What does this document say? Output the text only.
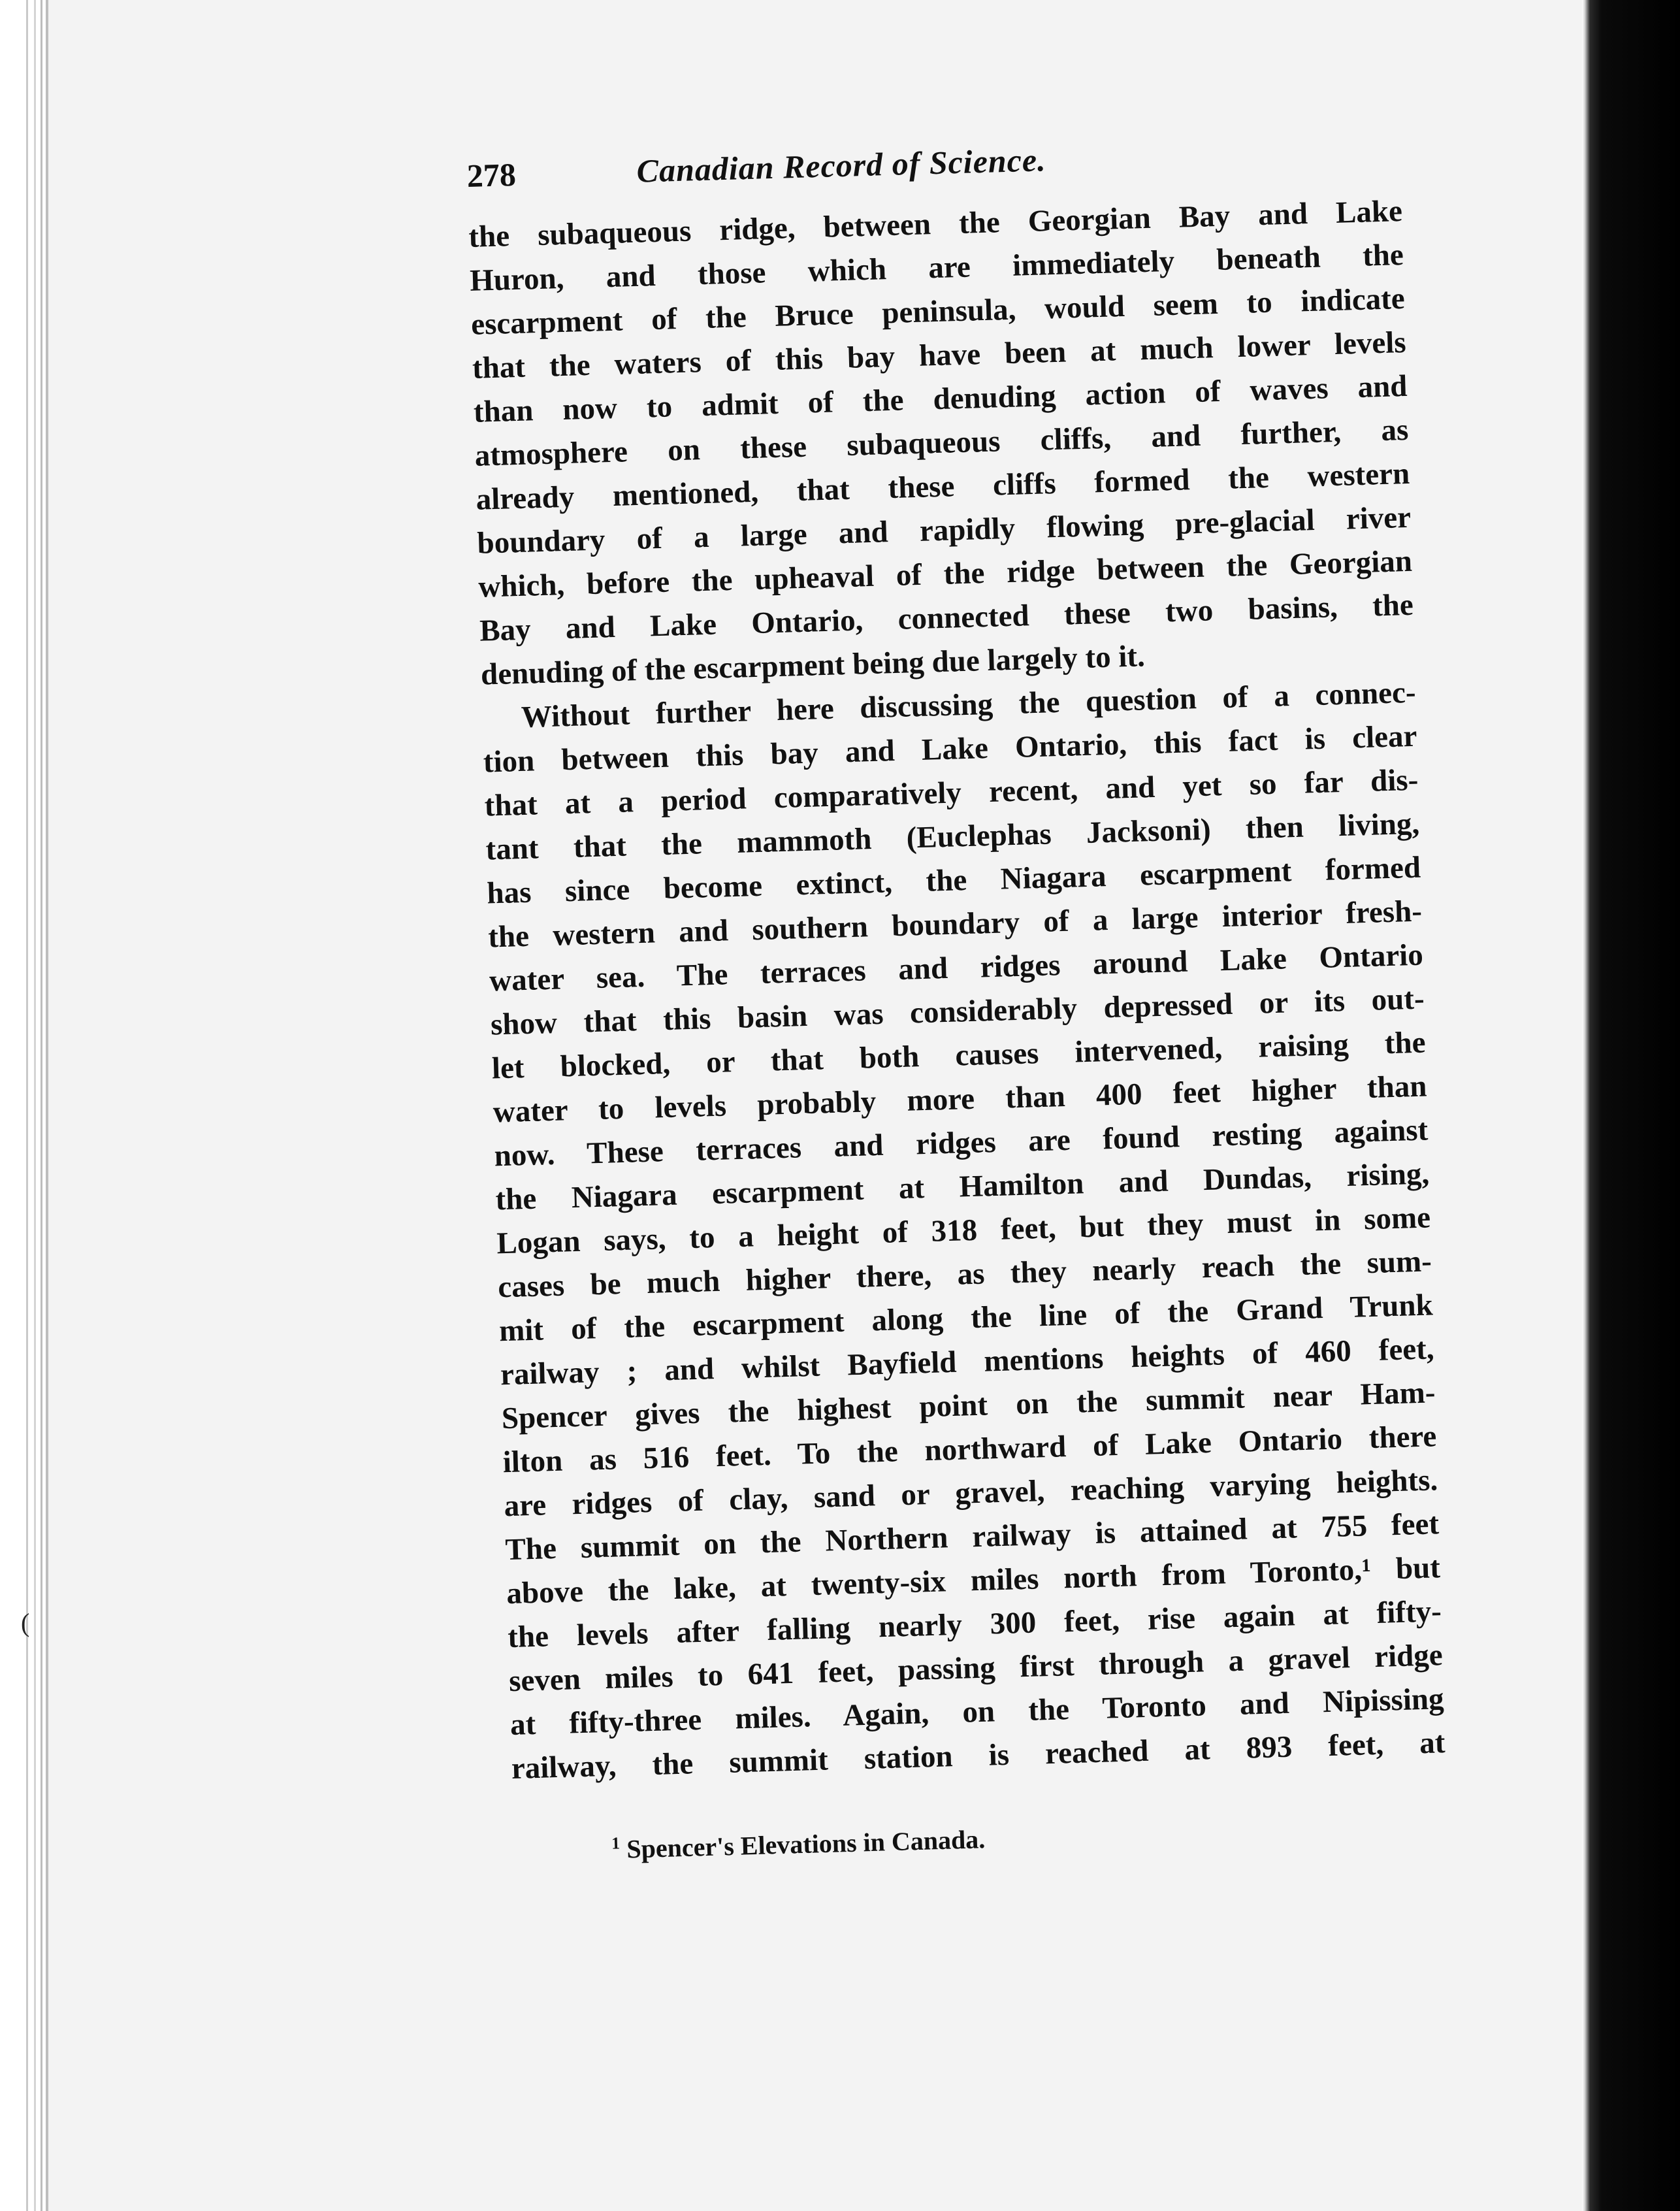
278	Canadian Record of Science.
the subaqueous ridge, between the Georgian Bay and Lake
Huron, and those which are immediately beneath the
escarpment of the Bruce peninsula, would seem to indicate
that the waters of this bay have been at much lower levels
than now to admit of the denuding action of waves and
atmosphere on these subaqueous cliffs, and further, as
already mentioned, that these cliffs formed the western
boundary of a large and rapidly flowing pre-glacial river
which, before the upheaval of the ridge between the Georgian
Bay and Lake Ontario, connected these two basins, the
denuding of the escarpment being due largely to it.
Without further here discussing the question of a connec-
tion between this bay and Lake Ontario, this fact is clear
that at a period comparatively recent, and yet so far dis-
tant that the mammoth (Euclephas Jacksoni) then living,
has since become extinct, the Niagara escarpment formed
the western and southern boundary of a large interior fresh-
water sea. The terraces and ridges around Lake Ontario
show that this basin was considerably depressed or its out-
let blocked, or that both causes intervened, raising the
water to levels probably more than 400 feet higher than
now. These terraces and ridges are found resting against
the Niagara escarpment at Hamilton and Dundas, rising,
Logan says, to a height of 318 feet, but they must in some
cases be much higher there, as they nearly reach the sum-
mit of the escarpment along the line of the Grand Trunk
railway ; and whilst Bayfield mentions heights of 460 feet,
Spencer gives the highest point on the summit near Ham-
ilton as 516 feet. To the northward of Lake Ontario there
are ridges of clay, sand or gravel, reaching varying heights.
The summit on the Northern railway is attained at 755 feet
above the lake, at twenty-six miles north from Toronto,¹ but
the levels after falling nearly 300 feet, rise again at fifty-
seven miles to 641 feet, passing first through a gravel ridge
at fifty-three miles. Again, on the Toronto and Nipissing
railway, the summit station is reached at 893 feet, at
$^1$ Spencer's Elevations in Canada.
(
